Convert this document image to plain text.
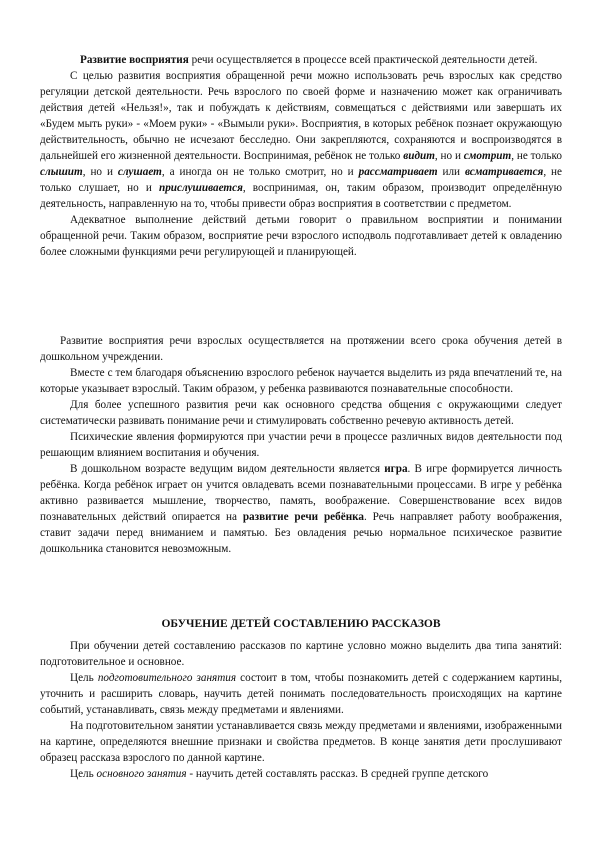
Развитие восприятия речи осуществляется в процессе всей практической деятельности детей.

С целью развития восприятия обращенной речи можно использовать речь взрослых как средство регуляции детской деятельности. Речь взрослого по своей форме и назначению может как ограничивать действия детей «Нельзя!», так и побуждать к действиям, совмещаться с действиями или завершать их «Будем мыть руки» - «Моем руки» - «Вымыли руки». Восприятия, в которых ребёнок познает окружающую действительность, обычно не исчезают бесследно. Они закрепляются, сохраняются и воспроизводятся в дальнейшей его жизненной деятельности. Воспринимая, ребёнок не только видит, но и смотрит, не только слышит, но и слушает, а иногда он не только смотрит, но и рассматривает или всматривается, не только слушает, но и прислушивается, воспринимая, он, таким образом, производит определённую деятельность, направленную на то, чтобы привести образ восприятия в соответствии с предметом.

Адекватное выполнение действий детьми говорит о правильном восприятии и понимании обращенной речи. Таким образом, восприятие речи взрослого исподволь подготавливает детей к овладению более сложными функциями речи регулирующей и планирующей.

Развитие восприятия речи взрослых осуществляется на протяжении всего срока обучения детей в дошкольном учреждении.

Вместе с тем благодаря объяснению взрослого ребенок научается выделить из ряда впечатлений те, на которые указывает взрослый. Таким образом, у ребенка развиваются познавательные способности.

Для более успешного развития речи как основного средства общения с окружающими следует систематически развивать понимание речи и стимулировать собственно речевую активность детей.

Психические явления формируются при участии речи в процессе различных видов деятельности под решающим влиянием воспитания и обучения.

В дошкольном возрасте ведущим видом деятельности является игра. В игре формируется личность ребёнка. Когда ребёнок играет он учится овладевать всеми познавательными процессами. В игре у ребёнка активно развивается мышление, творчество, память, воображение. Совершенствование всех видов познавательных действий опирается на развитие речи ребёнка. Речь направляет работу воображения, ставит задачи перед вниманием и памятью. Без овладения речью нормальное психическое развитие дошкольника становится невозможным.

ОБУЧЕНИЕ ДЕТЕЙ СОСТАВЛЕНИЮ РАССКАЗОВ

При обучении детей составлению рассказов по картине условно можно выделить два типа занятий: подготовительное и основное.

Цель подготовительного занятия состоит в том, чтобы познакомить детей с содержанием картины, уточнить и расширить словарь, научить детей понимать последовательность происходящих на картине событий, устанавливать, связь между предметами и явлениями.

На подготовительном занятии устанавливается связь между предметами и явлениями, изображенными на картине, определяются внешние признаки и свойства предметов. В конце занятия дети прослушивают образец рассказа взрослого по данной картине.

Цель основного занятия - научить детей составлять рассказ. В средней группе детского
